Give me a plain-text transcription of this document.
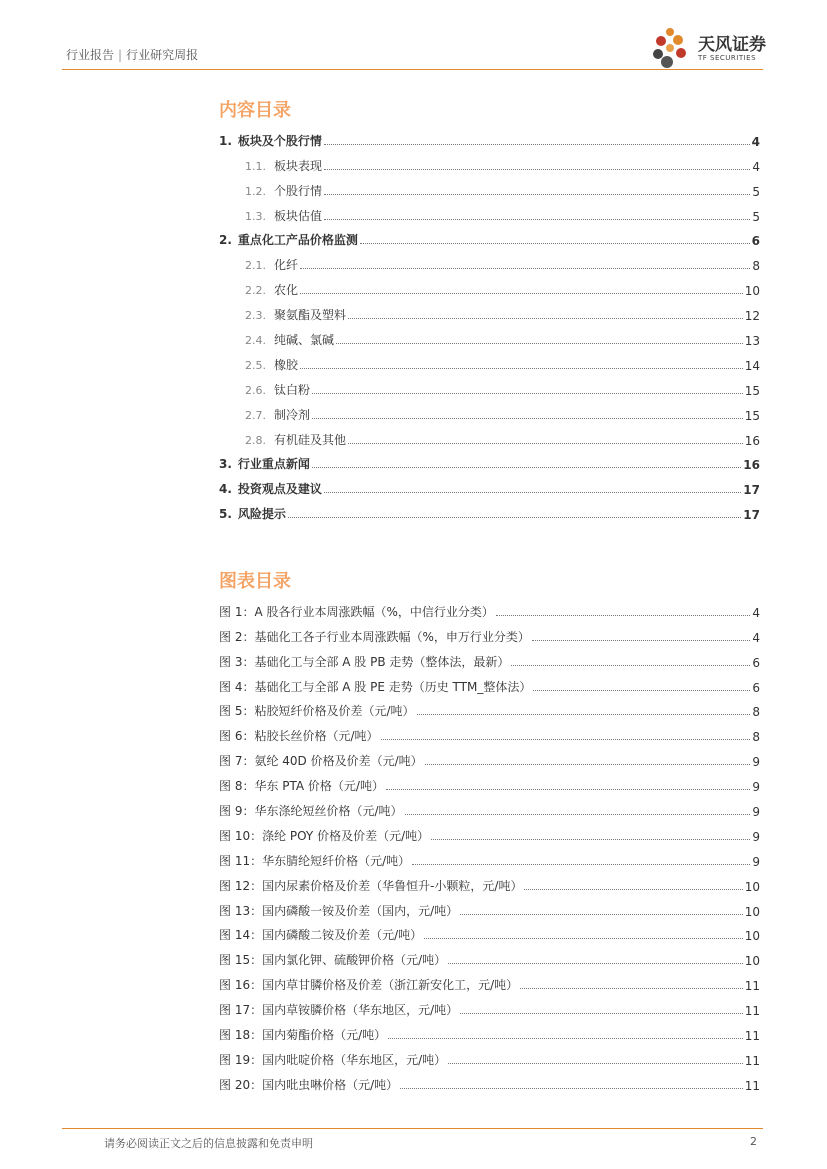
行业报告 | 行业研究周报	天风证券
TF SECURITIES
内容目录
1. 板块及个股行情	4
1.1. 板块表现	4
1.2. 个股行情	5
1.3. 板块估值	5
2. 重点化工产品价格监测	6
2.1. 化纤	8
2.2. 农化	10
2.3. 聚氨酯及塑料	12
2.4. 纯碱、氯碱	13
2.5. 橡胶	14
2.6. 钛白粉	15
2.7. 制冷剂	15
2.8. 有机硅及其他	16
3. 行业重点新闻	16
4. 投资观点及建议	17
5. 风险提示	17
图表目录
图 1：A 股各行业本周涨跌幅（%，中信行业分类）	4
图 2：基础化工各子行业本周涨跌幅（%，申万行业分类）	4
图 3：基础化工与全部 A 股 PB 走势（整体法，最新）	6
图 4：基础化工与全部 A 股 PE 走势（历史 TTM_整体法）	6
图 5：粘胶短纤价格及价差（元/吨）	8
图 6：粘胶长丝价格（元/吨）	8
图 7：氨纶 40D 价格及价差（元/吨）	9
图 8：华东 PTA 价格（元/吨）	9
图 9：华东涤纶短丝价格（元/吨）	9
图 10：涤纶 POY 价格及价差（元/吨）	9
图 11：华东腈纶短纤价格（元/吨）	9
图 12：国内尿素价格及价差（华鲁恒升-小颗粒，元/吨）	10
图 13：国内磷酸一铵及价差（国内，元/吨）	10
图 14：国内磷酸二铵及价差（元/吨）	10
图 15：国内氯化钾、硫酸钾价格（元/吨）	10
图 16：国内草甘膦价格及价差（浙江新安化工，元/吨）	11
图 17：国内草铵膦价格（华东地区，元/吨）	11
图 18：国内菊酯价格（元/吨）	11
图 19：国内吡啶价格（华东地区，元/吨）	11
图 20：国内吡虫啉价格（元/吨）	11
请务必阅读正文之后的信息披露和免责申明	2
